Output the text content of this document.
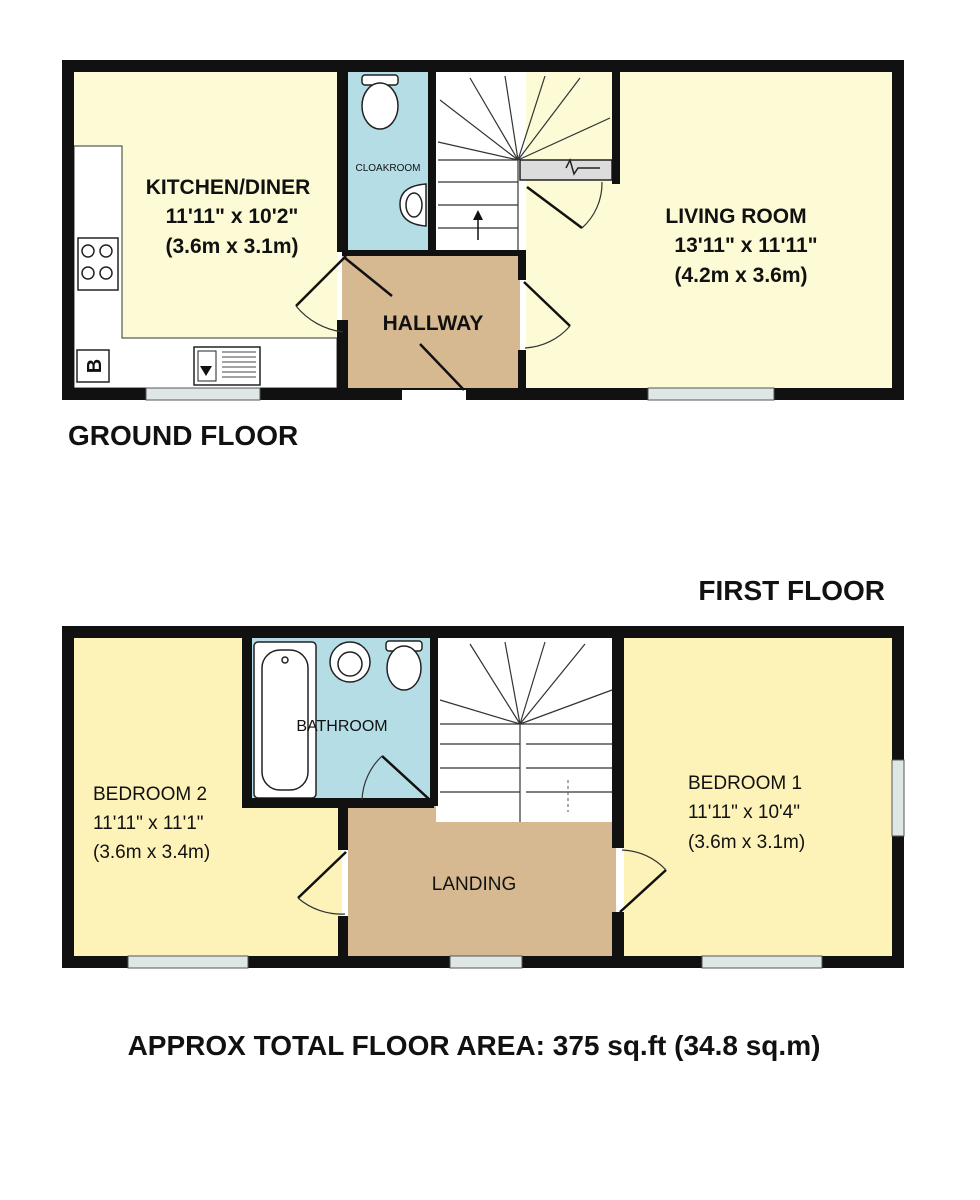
B
KITCHEN/DINER
11'11" x 10'2"
(3.6m x 3.1m)
CLOAKROOM
HALLWAY
LIVING ROOM
13'11" x 11'11"
(4.2m x 3.6m)
GROUND FLOOR
FIRST FLOOR
BEDROOM 2
11'11" x 11'1"
(3.6m x 3.4m)
BATHROOM
LANDING
BEDROOM 1
11'11" x 10'4"
(3.6m x 3.1m)
APPROX TOTAL FLOOR AREA: 375 sq.ft (34.8 sq.m)
